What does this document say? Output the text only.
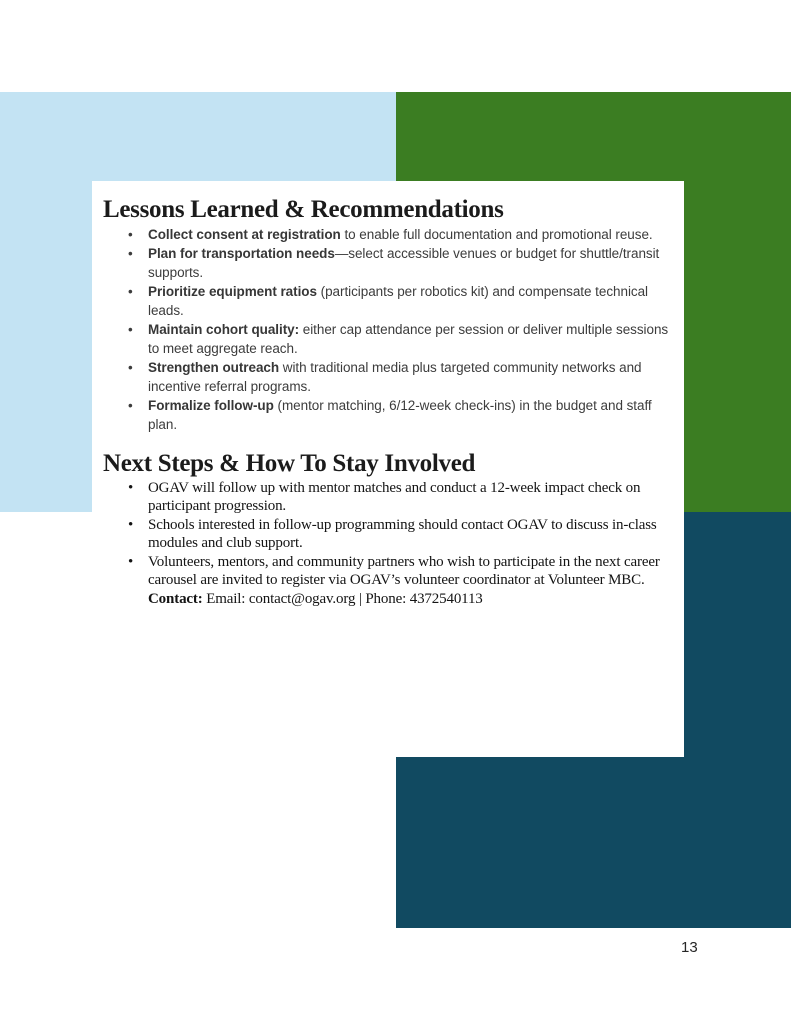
Lessons Learned & Recommendations
• Collect consent at registration to enable full documentation and promotional reuse.
• Plan for transportation needs—select accessible venues or budget for shuttle/transit supports.
• Prioritize equipment ratios (participants per robotics kit) and compensate technical leads.
• Maintain cohort quality: either cap attendance per session or deliver multiple sessions to meet aggregate reach.
• Strengthen outreach with traditional media plus targeted community networks and incentive referral programs.
• Formalize follow-up (mentor matching, 6/12-week check-ins) in the budget and staff plan.
Next Steps & How To Stay Involved
• OGAV will follow up with mentor matches and conduct a 12-week impact check on participant progression.
• Schools interested in follow-up programming should contact OGAV to discuss in-class modules and club support.
• Volunteers, mentors, and community partners who wish to participate in the next career carousel are invited to register via OGAV’s volunteer coordinator at Volunteer MBC.
Contact: Email: contact@ogav.org | Phone: 4372540113
13
